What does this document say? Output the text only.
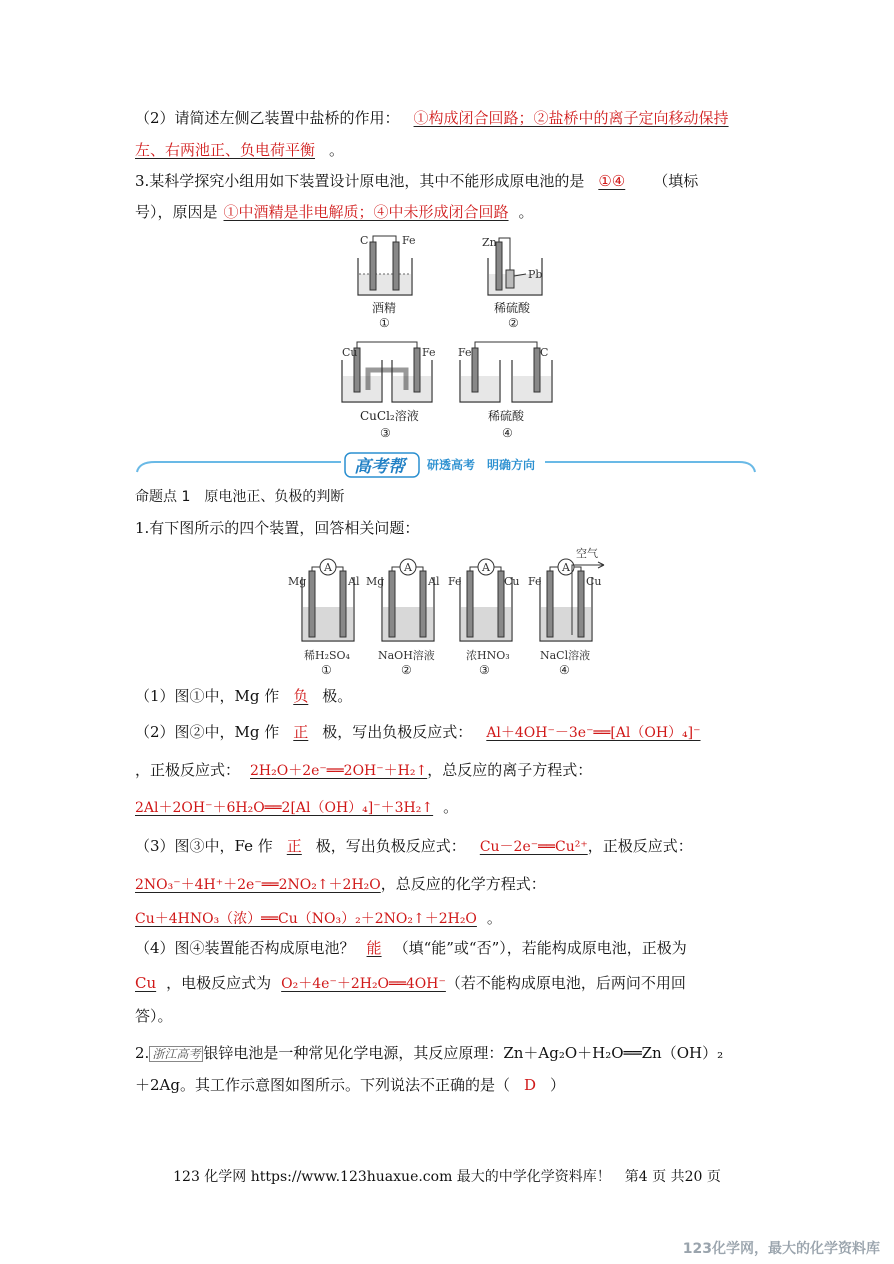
（2）请简述左侧乙装置中盐桥的作用： ①构成闭合回路；②盐桥中的离子定向移动保持
左、右两池正、负电荷平衡 。
3.某科学探究小组用如下装置设计原电池，其中不能形成原电池的是 ①④ （填标
号），原因是 ①中酒精是非电解质；④中未形成闭合回路 。
C	Fe
酒精
①
Zn
Pb
稀硫酸
②
Cu	Fe
CuCl₂溶液
③
Fe	C
稀硫酸
④
高考帮 研透高考　明确方向
命题点 1　原电池正、负极的判断
1.有下图所示的四个装置，回答相关问题：
A
Mg	Al
稀H₂SO₄
①
A
Mg	Al
NaOH溶液
②
A
Fe	Cu
浓HNO₃
③
A
空气
Fe	Cu
NaCl溶液
④
（1）图①中，Mg 作 负 极。
（2）图②中，Mg 作 正 极，写出负极反应式： Al＋4OH⁻－3e⁻══[Al（OH）₄]⁻
，正极反应式： 2H₂O＋2e⁻══2OH⁻＋H₂↑，总反应的离子方程式：
2Al＋2OH⁻＋6H₂O══2[Al（OH）₄]⁻＋3H₂↑ 。
（3）图③中，Fe 作 正 极，写出负极反应式： Cu－2e⁻══Cu²⁺，正极反应式：
2NO₃⁻＋4H⁺＋2e⁻══2NO₂↑＋2H₂O，总反应的化学方程式：
Cu＋4HNO₃（浓）══Cu（NO₃）₂＋2NO₂↑＋2H₂O 。
（4）图④装置能否构成原电池？ 能 （填“能”或“否”），若能构成原电池，正极为
Cu ，电极反应式为 O₂＋4e⁻＋2H₂O══4OH⁻（若不能构成原电池，后两问不用回
答）。
2. 浙江高考 银锌电池是一种常见化学电源，其反应原理：Zn＋Ag₂O＋H₂O══Zn（OH）₂
＋2Ag。其工作示意图如图所示。下列说法不正确的是（ D ）
123 化学网 https://www.123huaxue.com 最大的中学化学资料库！　第4 页 共20 页
123化学网，最大的化学资料库
